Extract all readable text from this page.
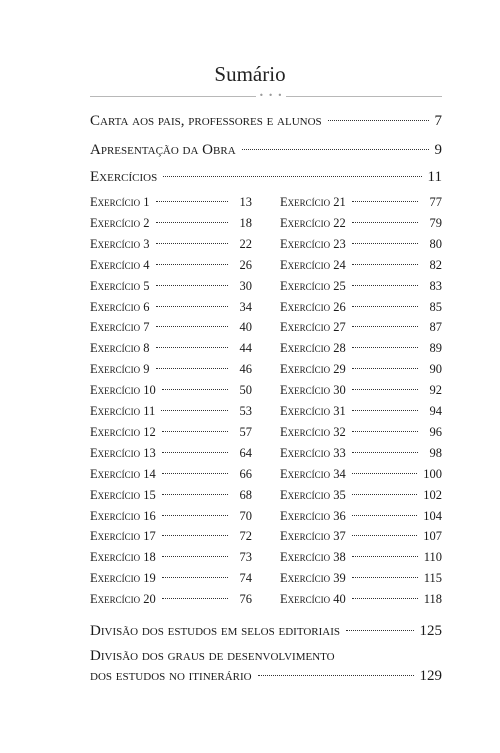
Sumário
• • •
Carta aos pais, professores e alunos	7
Apresentação da Obra	9
Exercícios	11
Exercício 1	13
Exercício 2	18
Exercício 3	22
Exercício 4	26
Exercício 5	30
Exercício 6	34
Exercício 7	40
Exercício 8	44
Exercício 9	46
Exercício 10	50
Exercício 11	53
Exercício 12	57
Exercício 13	64
Exercício 14	66
Exercício 15	68
Exercício 16	70
Exercício 17	72
Exercício 18	73
Exercício 19	74
Exercício 20	76
Exercício 21	77
Exercício 22	79
Exercício 23	80
Exercício 24	82
Exercício 25	83
Exercício 26	85
Exercício 27	87
Exercício 28	89
Exercício 29	90
Exercício 30	92
Exercício 31	94
Exercício 32	96
Exercício 33	98
Exercício 34	100
Exercício 35	102
Exercício 36	104
Exercício 37	107
Exercício 38	110
Exercício 39	115
Exercício 40	118
Divisão dos estudos em selos editoriais	125
Divisão dos graus de desenvolvimento
dos estudos no itinerário	129
